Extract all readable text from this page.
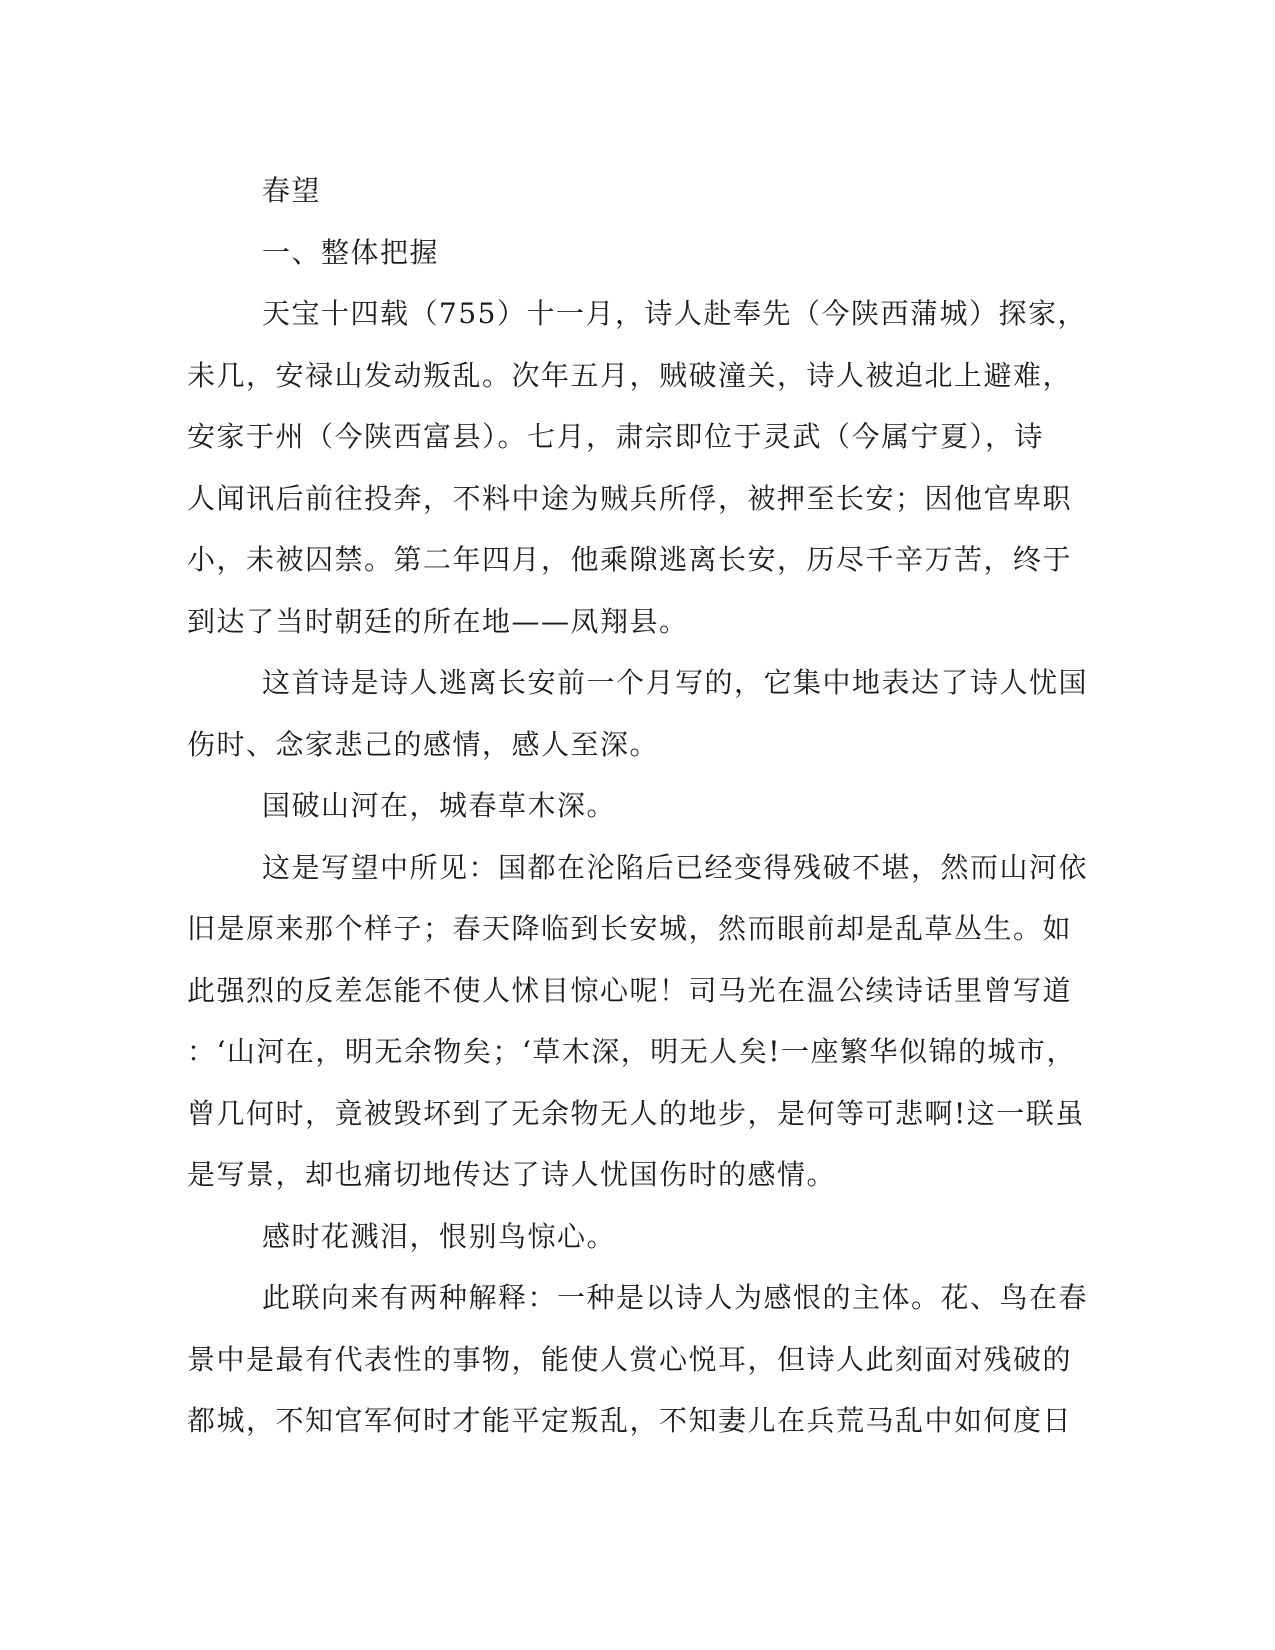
春望
一、整体把握
天宝十四载（755）十一月，诗人赴奉先（今陕西蒲城）探家，
未几，安禄山发动叛乱。次年五月，贼破潼关，诗人被迫北上避难，
安家于州（今陕西富县）。七月，肃宗即位于灵武（今属宁夏），诗
人闻讯后前往投奔，不料中途为贼兵所俘，被押至长安；因他官卑职
小，未被囚禁。第二年四月，他乘隙逃离长安，历尽千辛万苦，终于
到达了当时朝廷的所在地——凤翔县。
这首诗是诗人逃离长安前一个月写的，它集中地表达了诗人忧国
伤时、念家悲己的感情，感人至深。
国破山河在，城春草木深。
这是写望中所见：国都在沦陷后已经变得残破不堪，然而山河依
旧是原来那个样子；春天降临到长安城，然而眼前却是乱草丛生。如
此强烈的反差怎能不使人怵目惊心呢！司马光在温公续诗话里曾写道
：‘山河在，明无余物矣；‘草木深，明无人矣!一座繁华似锦的城市，
曾几何时，竟被毁坏到了无余物无人的地步，是何等可悲啊!这一联虽
是写景，却也痛切地传达了诗人忧国伤时的感情。
感时花溅泪，恨别鸟惊心。
此联向来有两种解释：一种是以诗人为感恨的主体。花、鸟在春
景中是最有代表性的事物，能使人赏心悦耳，但诗人此刻面对残破的
都城，不知官军何时才能平定叛乱，不知妻儿在兵荒马乱中如何度日
